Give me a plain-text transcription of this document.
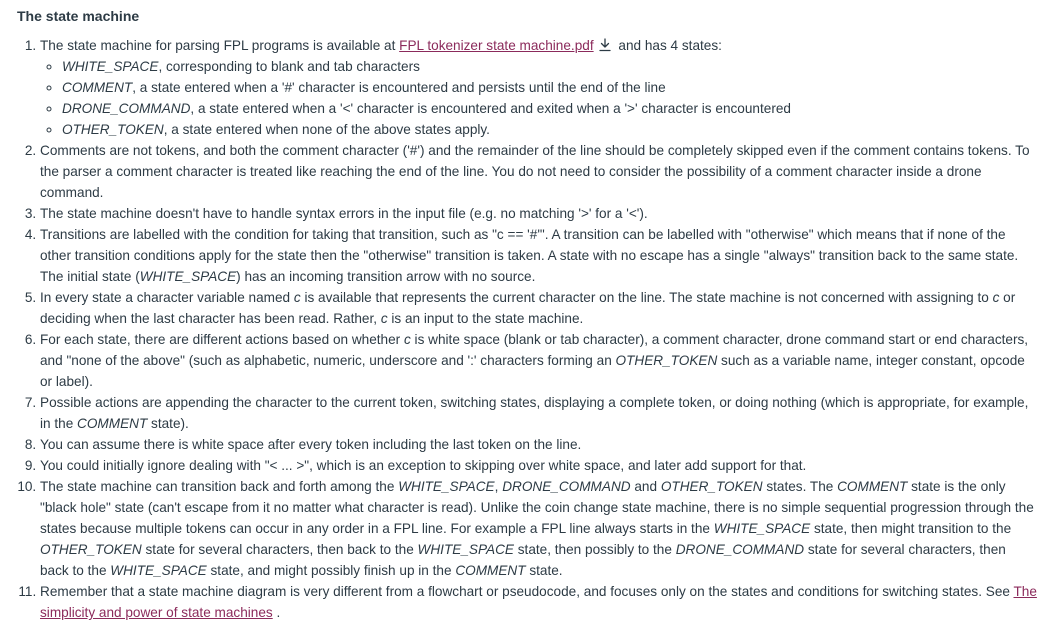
The state machine
1. The state machine for parsing FPL programs is available at FPL tokenizer state machine.pdf and has 4 states:
◦ WHITE_SPACE, corresponding to blank and tab characters
◦ COMMENT, a state entered when a '#' character is encountered and persists until the end of the line
◦ DRONE_COMMAND, a state entered when a '<' character is encountered and exited when a '>' character is encountered
◦ OTHER_TOKEN, a state entered when none of the above states apply.
2. Comments are not tokens, and both the comment character ('#') and the remainder of the line should be completely skipped even if the comment contains tokens. To the parser a comment character is treated like reaching the end of the line. You do not need to consider the possibility of a comment character inside a drone command.
3. The state machine doesn't have to handle syntax errors in the input file (e.g. no matching '>' for a '<').
4. Transitions are labelled with the condition for taking that transition, such as "c == '#'". A transition can be labelled with "otherwise" which means that if none of the other transition conditions apply for the state then the "otherwise" transition is taken. A state with no escape has a single "always" transition back to the same state. The initial state (WHITE_SPACE) has an incoming transition arrow with no source.
5. In every state a character variable named c is available that represents the current character on the line. The state machine is not concerned with assigning to c or deciding when the last character has been read. Rather, c is an input to the state machine.
6. For each state, there are different actions based on whether c is white space (blank or tab character), a comment character, drone command start or end characters, and "none of the above" (such as alphabetic, numeric, underscore and ':' characters forming an OTHER_TOKEN such as a variable name, integer constant, opcode or label).
7. Possible actions are appending the character to the current token, switching states, displaying a complete token, or doing nothing (which is appropriate, for example, in the COMMENT state).
8. You can assume there is white space after every token including the last token on the line.
9. You could initially ignore dealing with "< ... >", which is an exception to skipping over white space, and later add support for that.
10. The state machine can transition back and forth among the WHITE_SPACE, DRONE_COMMAND and OTHER_TOKEN states. The COMMENT state is the only "black hole" state (can't escape from it no matter what character is read). Unlike the coin change state machine, there is no simple sequential progression through the states because multiple tokens can occur in any order in a FPL line. For example a FPL line always starts in the WHITE_SPACE state, then might transition to the OTHER_TOKEN state for several characters, then back to the WHITE_SPACE state, then possibly to the DRONE_COMMAND state for several characters, then back to the WHITE_SPACE state, and might possibly finish up in the COMMENT state.
11. Remember that a state machine diagram is very different from a flowchart or pseudocode, and focuses only on the states and conditions for switching states. See The simplicity and power of state machines .
